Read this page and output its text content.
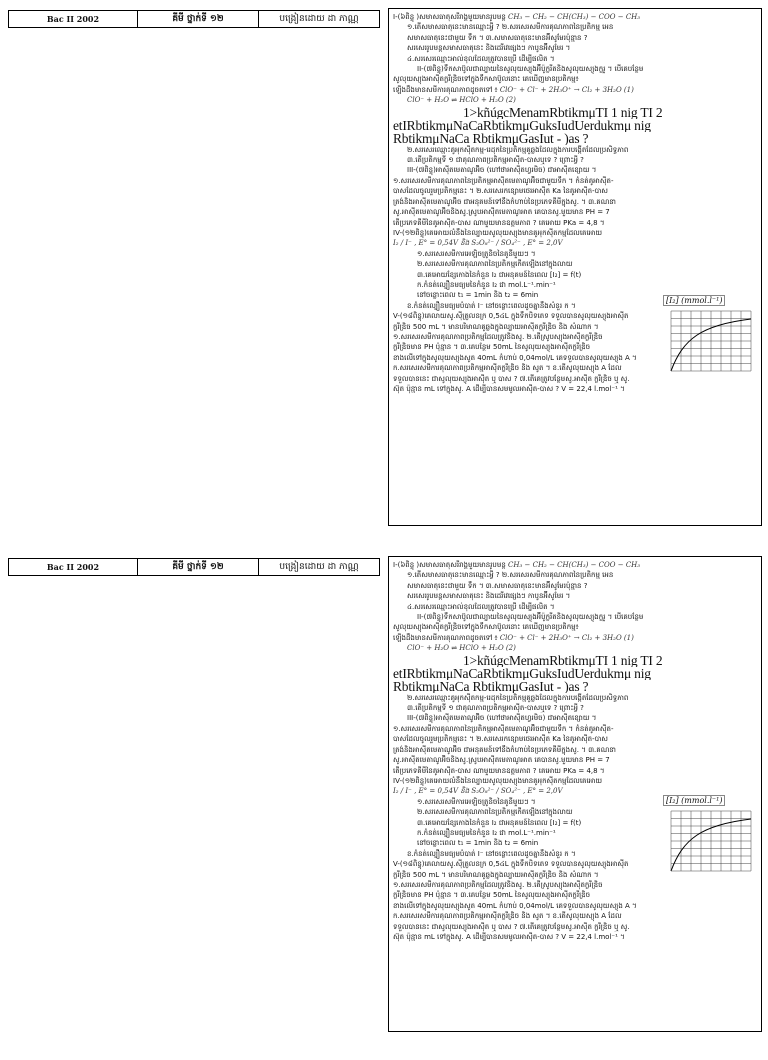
Bac II 2002	គីមី ថ្នាក់ទី ១២	បង្រៀនដោយ ដា ភាណ្ណ	I-(៦ពិន្ទុ )សមាសធាតុសរីរាង្គមួយមានរូបមន្ត CH₃ − CH₂ − CH(CH₃) − COO − CH₃
១.តើសមាសធាតុនេះមានឈ្មោះអ្វី ? ២.សរសេរសមីការគុណភាពនៃប្រតិកម្ម អេន
សមាសធាតុនេះជាមួយ ទឹក ។ ៣.សមាសធាតុនេះមានអ៊ីសូមែរប៉ុន្មាន ?
សរសេររូបមន្តសមាសធាតុនេះ និងដេរីវេផ្សេងៗ កាបូនអ៊ីសូមែរ ។
៤.សរសេរឈ្មោះអាល់ខុលដែលត្រូវបានប្រើ ដើម្បីផលិត ។
II-(៧ពិន្ទុ)ទឹកសាប៊ូលជាល្បាយនៃសូលុយស្យុងអ៊ីប៉ូក្លរីតនិងសូលុយស្យុងក្លរួ ។ បើគេបន្ថែម
សូលុយស្យុងអាស៊ីតក្លរីឌ្រិចទៅក្នុងទឹកសាប៊ូលនោះ គេឃើញមានប្រតិកម្ម៖
ឡើងដឹងមានសមីការគុណភាពដូចតទៅ ៖ ClO⁻ + Cl⁻ + 2H₃O⁺ → Cl₂ + 3H₂O (1)
ClO⁻ + H₂O ⇌ HClO + H₂O (2)
1>kñúgcMenamRbtikmμTI 1 nig TI 2
etIRbtikmμNaCaRbtikmμGuksIudUerdukmμ nig
RbtikmμNaCa RbtikmμGasIut - )as ?
២.សរសេរឈ្មោះគូអុកស៊ីតកម្ម-រេដុកនៃប្រតិកម្មគូឆ្លងដែលក្នុងការបង្កើតដែលប្រសិទ្ធភាព
៣.តើប្រតិកម្មទី ១ ជាគុណភាពប្រតិកម្មអាស៊ីត-បាសឬទេ ? ព្រោះអ្វី ?
III-(៧ពិន្ទុ)អាស៊ីតមេតាណូអ៊ិច (ហៅថាអាស៊ីតហ្វរមិច) ជាអាស៊ីតខ្សោយ ។
១.សរសេរសមីការគុណភាពនៃប្រតិកម្មអាស៊ីតមេតាណូអ៊ិចជាមួយទឹក ។ កំនត់គូអាស៊ីត-
បាសដែលចូលរួមប្រតិកម្មនេះ ។ ២.សរសេរកន្សោមថេរអាស៊ីត Ka នៃគូអាស៊ីត-បាស
ត្រង់និងអាស៊ីតមេតាណូអ៊ិច ជាអនុគមន៍ទៅនឹងកំហាប់នៃប្រភេទគីមីក្នុងសូ. ។ ៣.គណនា
សូ.អាស៊ីតមេតាណូអ៊ិចនិងសូ.ស្រូបអាស៊ីតមេតាណូអាត គេបានសូ.មួយមាន PH = 7
តើប្រភេទគីមីនៃគូអាស៊ីត-បាស ណាមួយមានឧត្តមភាព ? គេអោយ PKa = 4,8 ។
IV-(១២ពិន្ទុ)គេអោយលំនឹងនៃល្បាយសូលុយស្យុងមានគូអុកស៊ីតកម្មដែលគេអោយ
I₂ / I⁻ , E° = 0,54V និង S₂O₈²⁻ / SO₄²⁻ , E° = 2,0V
១.សរសេរសមីការអេឡិចត្រូនិចនៃគូនីមួយៗ ។
២.សរសេរសមីការគុណភាពនៃប្រតិកម្មកើតឡើងនៅក្នុងលាយ
៣.គេអោយខ្សែកោងនៃកំនួន I₂ ជាអនុគមន៍នៃពេល [I₂] = f(t)
ក.កំនត់ល្បឿនមធ្យមនៃកំនួន I₂ ជា mol.L⁻¹.min⁻¹
នៅចន្លោះពេល t₁ = 1min និង t₂ = 6min
ខ.កំនត់ល្បឿនមធ្យមបំបាត់ I⁻ នៅចន្លោះពេលដូចគ្នានឹងសំនួរ ក ។
V-(១៨ពិន្ទុ)គេលាយសូ.ស៊ីត្រូលនក្រ 0,5៤L ក្នុងទឹកបិទតេទ ទទួលបានសូលុយស្យុងអាស៊ីត
ក្លរីឌ្រិច 500 mL ។ មានបរិមាណគូឆ្លងក្នុងល្បាយអាស៊ីតក្លរីឌ្រិច និង សំណាក ។
១.សរសេរសមីការគុណភាពប្រតិកម្មដែលត្រូវនិងសូ. ២.តើស្រូបស្យុងអាស៊ីតក្លរីឌ្រិច
ក្លរីឌ្រិចមាន PH ប៉ុន្មាន ។ ៣.គេបន្ថែម 50mL នៃសូលុយស្យុងអាស៊ីតក្លរីឌ្រិច
ខាងលើទៅក្នុងសូលុយស្យុងសូត 40mL កំហាប់ 0,04mol/L គេទទួលបានសូលុយស្យុង A ។
ក.សរសេរសមីការគុណភាពប្រតិកម្មអាស៊ីតក្លរីឌ្រិច និង សូត ។ ខ.តើសូលុយស្យុង A ដែល
ទទួលបាននេះ ជាសូលុយស្យុងអាស៊ីត ឬ បាស ? ៧.តើគេត្រូវបន្ថែមសូ.អាស៊ីត ក្លរីឌ្រិច ឬ សូ.
ស៊ុត ប៉ុន្មាន mL ទៅក្នុងសូ. A ដើម្បីបានសមមូលអាស៊ីត-បាស ? V = 22,4 l.mol⁻¹ ។
[I₂] (mmol.l⁻¹)
Bac II 2002	គីមី ថ្នាក់ទី ១២	បង្រៀនដោយ ដា ភាណ្ណ	I-(៦ពិន្ទុ )សមាសធាតុសរីរាង្គមួយមានរូបមន្ត CH₃ − CH₂ − CH(CH₃) − COO − CH₃
១.តើសមាសធាតុនេះមានឈ្មោះអ្វី ? ២.សរសេរសមីការគុណភាពនៃប្រតិកម្ម អេន
សមាសធាតុនេះជាមួយ ទឹក ។ ៣.សមាសធាតុនេះមានអ៊ីសូមែរប៉ុន្មាន ?
សរសេររូបមន្តសមាសធាតុនេះ និងដេរីវេផ្សេងៗ កាបូនអ៊ីសូមែរ ។
៤.សរសេរឈ្មោះអាល់ខុលដែលត្រូវបានប្រើ ដើម្បីផលិត ។
II-(៧ពិន្ទុ)ទឹកសាប៊ូលជាល្បាយនៃសូលុយស្យុងអ៊ីប៉ូក្លរីតនិងសូលុយស្យុងក្លរួ ។ បើគេបន្ថែម
សូលុយស្យុងអាស៊ីតក្លរីឌ្រិចទៅក្នុងទឹកសាប៊ូលនោះ គេឃើញមានប្រតិកម្ម៖
ឡើងដឹងមានសមីការគុណភាពដូចតទៅ ៖ ClO⁻ + Cl⁻ + 2H₃O⁺ → Cl₂ + 3H₂O (1)
ClO⁻ + H₂O ⇌ HClO + H₂O (2)
1>kñúgcMenamRbtikmμTI 1 nig TI 2
etIRbtikmμNaCaRbtikmμGuksIudUerdukmμ nig
RbtikmμNaCa RbtikmμGasIut - )as ?
២.សរសេរឈ្មោះគូអុកស៊ីតកម្ម-រេដុកនៃប្រតិកម្មគូឆ្លងដែលក្នុងការបង្កើតដែលប្រសិទ្ធភាព
៣.តើប្រតិកម្មទី ១ ជាគុណភាពប្រតិកម្មអាស៊ីត-បាសឬទេ ? ព្រោះអ្វី ?
III-(៧ពិន្ទុ)អាស៊ីតមេតាណូអ៊ិច (ហៅថាអាស៊ីតហ្វរមិច) ជាអាស៊ីតខ្សោយ ។
១.សរសេរសមីការគុណភាពនៃប្រតិកម្មអាស៊ីតមេតាណូអ៊ិចជាមួយទឹក ។ កំនត់គូអាស៊ីត-
បាសដែលចូលរួមប្រតិកម្មនេះ ។ ២.សរសេរកន្សោមថេរអាស៊ីត Ka នៃគូអាស៊ីត-បាស
ត្រង់និងអាស៊ីតមេតាណូអ៊ិច ជាអនុគមន៍ទៅនឹងកំហាប់នៃប្រភេទគីមីក្នុងសូ. ។ ៣.គណនា
សូ.អាស៊ីតមេតាណូអ៊ិចនិងសូ.ស្រូបអាស៊ីតមេតាណូអាត គេបានសូ.មួយមាន PH = 7
តើប្រភេទគីមីនៃគូអាស៊ីត-បាស ណាមួយមានឧត្តមភាព ? គេអោយ PKa = 4,8 ។
IV-(១២ពិន្ទុ)គេអោយលំនឹងនៃល្បាយសូលុយស្យុងមានគូអុកស៊ីតកម្មដែលគេអោយ
I₂ / I⁻ , E° = 0,54V និង S₂O₈²⁻ / SO₄²⁻ , E° = 2,0V
១.សរសេរសមីការអេឡិចត្រូនិចនៃគូនីមួយៗ ។
២.សរសេរសមីការគុណភាពនៃប្រតិកម្មកើតឡើងនៅក្នុងលាយ
៣.គេអោយខ្សែកោងនៃកំនួន I₂ ជាអនុគមន៍នៃពេល [I₂] = f(t)
ក.កំនត់ល្បឿនមធ្យមនៃកំនួន I₂ ជា mol.L⁻¹.min⁻¹
នៅចន្លោះពេល t₁ = 1min និង t₂ = 6min
ខ.កំនត់ល្បឿនមធ្យមបំបាត់ I⁻ នៅចន្លោះពេលដូចគ្នានឹងសំនួរ ក ។
V-(១៨ពិន្ទុ)គេលាយសូ.ស៊ីត្រូលនក្រ 0,5៤L ក្នុងទឹកបិទតេទ ទទួលបានសូលុយស្យុងអាស៊ីត
ក្លរីឌ្រិច 500 mL ។ មានបរិមាណគូឆ្លងក្នុងល្បាយអាស៊ីតក្លរីឌ្រិច និង សំណាក ។
១.សរសេរសមីការគុណភាពប្រតិកម្មដែលត្រូវនិងសូ. ២.តើស្រូបស្យុងអាស៊ីតក្លរីឌ្រិច
ក្លរីឌ្រិចមាន PH ប៉ុន្មាន ។ ៣.គេបន្ថែម 50mL នៃសូលុយស្យុងអាស៊ីតក្លរីឌ្រិច
ខាងលើទៅក្នុងសូលុយស្យុងសូត 40mL កំហាប់ 0,04mol/L គេទទួលបានសូលុយស្យុង A ។
ក.សរសេរសមីការគុណភាពប្រតិកម្មអាស៊ីតក្លរីឌ្រិច និង សូត ។ ខ.តើសូលុយស្យុង A ដែល
ទទួលបាននេះ ជាសូលុយស្យុងអាស៊ីត ឬ បាស ? ៧.តើគេត្រូវបន្ថែមសូ.អាស៊ីត ក្លរីឌ្រិច ឬ សូ.
ស៊ុត ប៉ុន្មាន mL ទៅក្នុងសូ. A ដើម្បីបានសមមូលអាស៊ីត-បាស ? V = 22,4 l.mol⁻¹ ។
[I₂] (mmol.l⁻¹)
